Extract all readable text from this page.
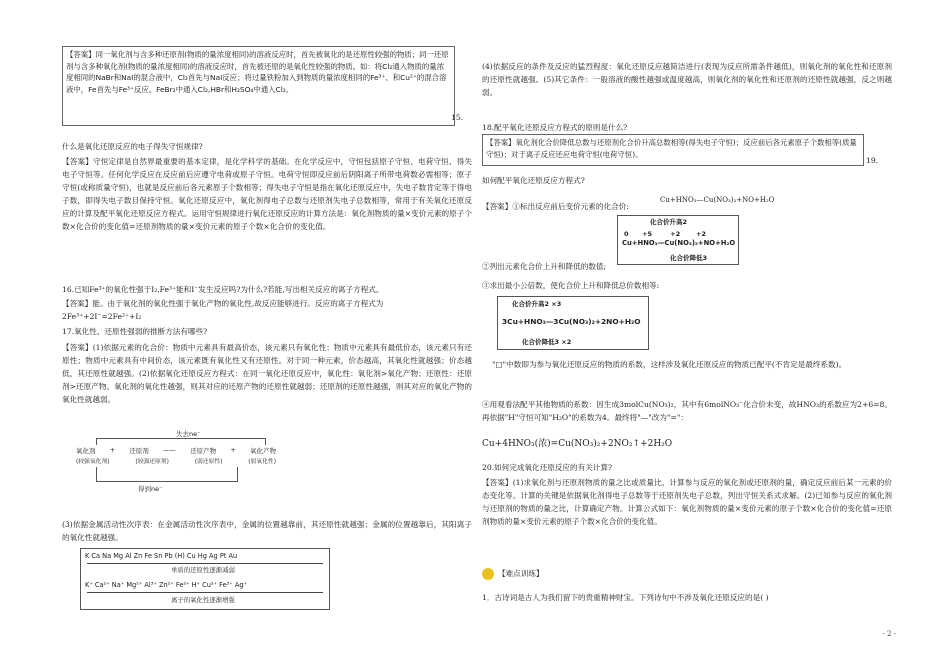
【答案】同一氧化剂与含多种还原剂(物质的量浓度相同)的溶液反应时，首先被氧化的是还原性较强的物质；同一还原剂与含多种氧化剂(物质的量浓度相同)的溶液反应时，首先被还原的是氧化性较强的物质。如：将Cl₂通入物质的量浓度相同的NaBr和NaI的混合液中，Cl₂首先与NaI反应；将过量铁粉加入到物质的量浓度相同的Fe³⁺、和Cu²⁺的混合溶液中，Fe首先与Fe³⁺反应。FeBr₂中通入Cl₂,HBr和H₂SO₄中通入Cl₂。
15.
什么是氧化还原反应的电子得失守恒规律?
【答案】守恒定律是自然界最重要的基本定律，是化学科学的基础。在化学反应中，守恒包括原子守恒、电荷守恒、得失电子守恒等。任何化学反应在反应前后应遵守电荷或原子守恒。电荷守恒即反应前后阴阳离子所带电荷数必需相等；原子守恒(或称质量守恒)，也就是反应前后各元素原子个数相等；得失电子守恒是指在氧化还原反应中，失电子数肯定等于得电子数，即得失电子数目保持守恒。氧化还原反应中，氧化剂得电子总数与还原剂失电子总数相等，常用于有关氧化还原反应的计算及配平氧化还原反应方程式。运用守恒规律进行氧化还原反应的计算方法是：氧化剂物质的量×变价元素的原子个数×化合价的变化值=还原剂物质的量×变价元素的原子个数×化合价的变化值。
16.已知Fe³⁺的氧化性强于I₂,Fe³⁺能和I⁻发生反应吗?为什么?若能,写出相关反应的离子方程式。
【答案】能。由于氧化剂的氧化性强于氧化产物的氧化性,故反应能够进行。反应的离子方程式为
2Fe³⁺+2I⁻=2Fe²⁺+I₂
17.氧化性、还原性强弱的推断方法有哪些?
【答案】(1)依据元素的化合价：物质中元素具有最高价态，该元素只有氧化性；物质中元素具有最低价态，该元素只有还原性；物质中元素具有中间价态，该元素既有氧化性又有还原性。对于同一种元素，价态越高，其氧化性就越强；价态越低，其还原性就越强。(2)依据氧化还原反应方程式：在同一氧化还原反应中，氧化性：氧化剂>氧化产物；还原性：还原剂>还原产物。氧化剂的氧化性越强，则其对应的还原产物的还原性就越弱；还原剂的还原性越强，则其对应的氧化产物的氧化性就越弱。
失去ne⁻
氧化剂 + 还原剂 —— 还原产物 + 氧化产物
(较强氧化剂)	(较强还原剂)	(弱还原性)	(弱氧化性)
得到ne⁻
(3)依据金属活动性次序表：在金属活动性次序表中，金属的位置越靠前，其还原性就越强；金属的位置越靠后，其阳离子的氧化性就越强。
K Ca Na Mg Al Zn Fe Sn Pb (H) Cu Hg Ag Pt Au
单质的还原性逐渐减弱
K⁺ Ca²⁺ Na⁺ Mg²⁺ Al³⁺ Zn²⁺ Fe²⁺ H⁺ Cu²⁺ Fe³⁺ Ag⁺
离子的氧化性逐渐增强
(4)依据反应的条件及反应的猛烈程度：氧化还原反应越简洁进行(表现为反应所需条件越低)，则氧化剂的氧化性和还原剂的还原性就越强。(5)其它条件：一般溶液的酸性越强或温度越高，则氧化剂的氧化性和还原剂的还原性就越强，反之则越弱。
18.配平氧化还原反应方程式的原则是什么?
【答案】氧化剂化合价降低总数与还原剂化合价升高总数相等(得失电子守恒)；反应前后各元素原子个数相等(质量守恒)；对于离子反应还应电荷守恒(电荷守恒)。
19.
如何配平氧化还原反应方程式?
【答案】①标出反应前后变价元素的化合价:
Cu+HNO₃—Cu(NO₃)₂+NO+H₂O
化合价升高2
0      +5        +2       +2
Cu+HNO₃—Cu(NO₃)₂+NO+H₂O
化合价降低3
②列出元素化合价上升和降低的数值;
③求出最小公倍数，使化合价上升和降低总价数相等:
化合价升高2 ×3
3Cu+HNO₃—3Cu(NO₃)₂+2NO+H₂O
化合价降低3 ×2
"□"中数即为参与氧化还原反应的物质的系数，这样涉及氧化还原反应的物质已配平(不肯定是最终系数)。
④用观看法配平其他物质的系数：因生成3molCu(NO₃)₂，其中有6molNO₃⁻化合价未变，故HNO₃的系数应为2+6=8。再依据"H"守恒可知"H₂O"的系数为4。最终将"—"改为"="：
Cu+4HNO₃(浓)=Cu(NO₃)₂+2NO₂↑+2H₂O
20.如何完成氧化还原反应的有关计算?
【答案】(1)求氧化剂与还原剂物质的量之比或质量比，计算参与反应的氧化剂或还原剂的量，确定反应前后某一元素的价态变化等。计算的关键是依据氧化剂得电子总数等于还原剂失电子总数，列出守恒关系式求解。(2)已知参与反应的氧化剂与还原剂的物质的量之比，计算确定产物。计算公式如下：氧化剂物质的量×变价元素的原子个数×化合价的变化值=还原剂物质的量×变价元素的原子个数×化合价的变化值。
【难点训练】
1．古诗词是古人为我们留下的贵重精神财宝。下列诗句中不涉及氧化还原反应的是( )
- 2 -
